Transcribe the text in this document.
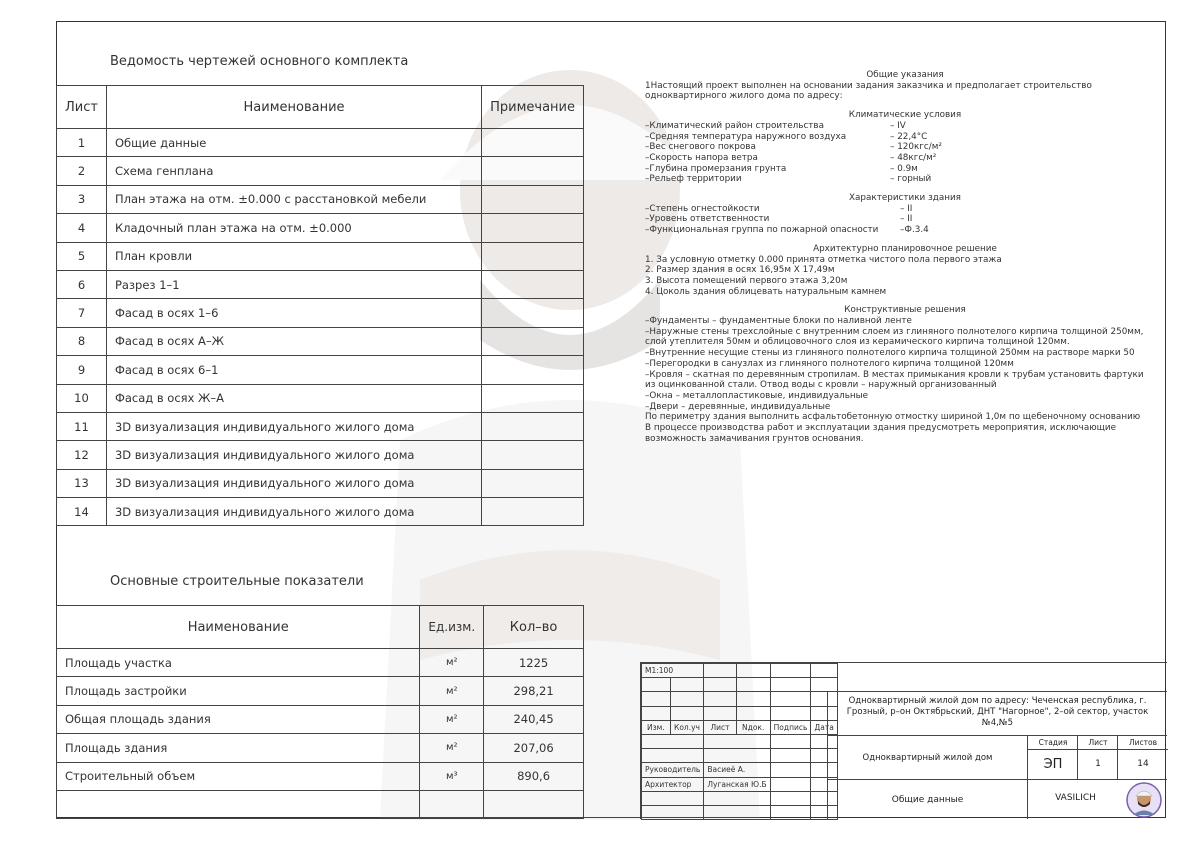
Ведомость чертежей основного комплекта
Лист	Наименование	Примечание
1	Общие данные	
2	Схема генплана	
3	План этажа на отм. ±0.000 с расстановкой мебели	
4	Кладочный план этажа на отм. ±0.000	
5	План кровли	
6	Разрез 1–1	
7	Фасад в осях 1–6	
8	Фасад в осях А–Ж	
9	Фасад в осях 6–1	
10	Фасад в осях Ж–А	
11	3D визуализация индивидуального жилого дома	
12	3D визуализация индивидуального жилого дома	
13	3D визуализация индивидуального жилого дома	
14	3D визуализация индивидуального жилого дома	
Основные строительные показатели
Наименование	Ед.изм.	Кол–во
Площадь участка	м²	1225
Площадь застройки	м²	298,21
Общая площадь здания	м²	240,45
Площадь здания	м²	207,06
Строительный объем	м³	890,6

Общие указания
1Настоящий проект выполнен на основании задания заказчика и предполагает строительство однoквартирного жилого дома по адресу:
Климатические условия
–Климатический район строительства	– IV
–Средняя температура наружного воздуха	– 22,4°С
–Вес снегового покрова	– 120кгс/м²
–Скорость напора ветра	– 48кгс/м²
–Глубина промерзания грунта	– 0.9м
–Рельеф территории	– горный
Характеристики здания
–Степень огнестойкости	– II
–Уровень ответственности	– II
–Функциональная группа по пожарной опасности	–Ф.3.4
Архитектурно планировочное решение
1. За условную отметку 0.000 принята отметка чистого пола первого этажа
2. Размер здания в осях 16,95м Х 17,49м
3. Высота помещений первого этажа 3,20м
4. Цоколь здания облицевать натуральным камнем
Конструктивные решения
–Фундаменты – фундаментные блоки по наливной ленте
–Наружные стены трехслойные с внутренним слоем из глиняного полнотелого кирпича толщиной 250мм,
слой утеплителя 50мм и облицовочного слоя из керамического кирпича толщиной 120мм.
–Внутренние несущие стены из глиняного полнотелого кирпича толщиной 250мм на растворе марки 50
–Перегородки в санузлах из глиняного полнотелого кирпича толщиной 120мм
–Кровля – скатная по деревянным стропилам. В местах примыкания кровли к трубам установить фартуки
из оцинкованной стали. Отвод воды с кровли – наружный организованный
–Окна – металлопластиковые, индивидуальные
–Двери – деревянные, индивидуальные
По периметру здания выполнить асфальтобетонную отмостку шириной 1,0м по щебеночному основанию
В процессе производства работ и эксплуатации здания предусмотреть мероприятия, исключающие
возможность замачивания грунтов основания.
М1:100					

Изм.	Кол.уч	Лист	Nдок.	Подпись	Дата

Руководитель		Васиеё А.			
Архитектор		Луганская Ю.Б			

Однoквартирный жилой дом по адресу: Чеченская республика, г. Грозный, р–он Октябрьский, ДНТ "Нагорное", 2–ой сектор, участок №4,№5
Однoквартирный жилой дом
Стадия	Лист	Листов
ЭП	1	14
Общие данные	VASILICH
